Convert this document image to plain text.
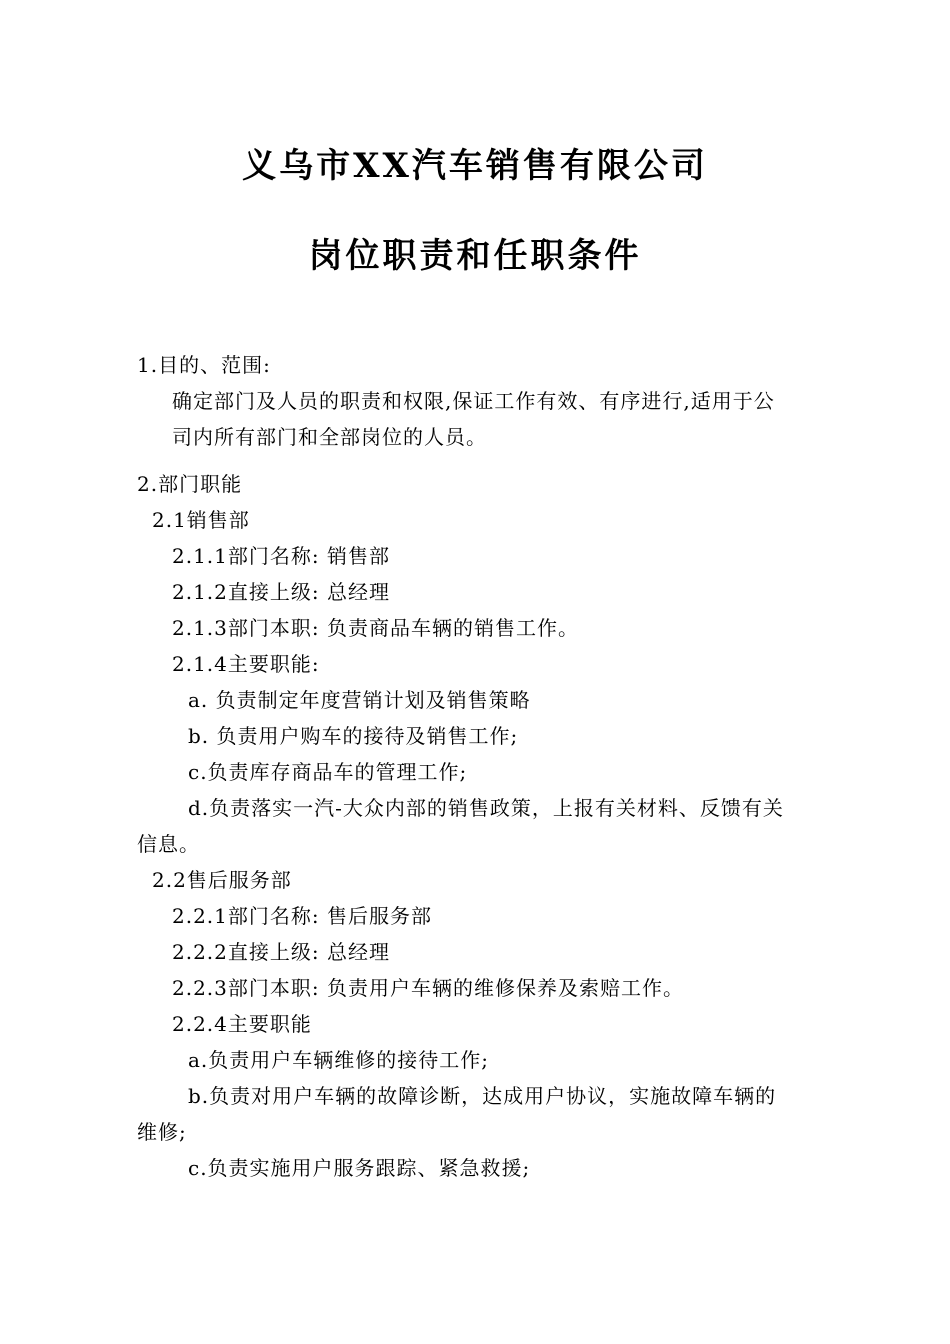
义乌市XX汽车销售有限公司
岗位职责和任职条件
1.目的、范围:
确定部门及人员的职责和权限,保证工作有效、有序进行,适用于公
司内所有部门和全部岗位的人员。
2.部门职能
2.1销售部
2.1.1部门名称: 销售部
2.1.2直接上级: 总经理
2.1.3部门本职: 负责商品车辆的销售工作。
2.1.4主要职能:
a. 负责制定年度营销计划及销售策略
b. 负责用户购车的接待及销售工作;
c.负责库存商品车的管理工作;
d.负责落实一汽-大众内部的销售政策，上报有关材料、反馈有关
信息。
2.2售后服务部
2.2.1部门名称: 售后服务部
2.2.2直接上级: 总经理
2.2.3部门本职: 负责用户车辆的维修保养及索赔工作。
2.2.4主要职能
a.负责用户车辆维修的接待工作;
b.负责对用户车辆的故障诊断，达成用户协议，实施故障车辆的
维修;
c.负责实施用户服务跟踪、紧急救援;
